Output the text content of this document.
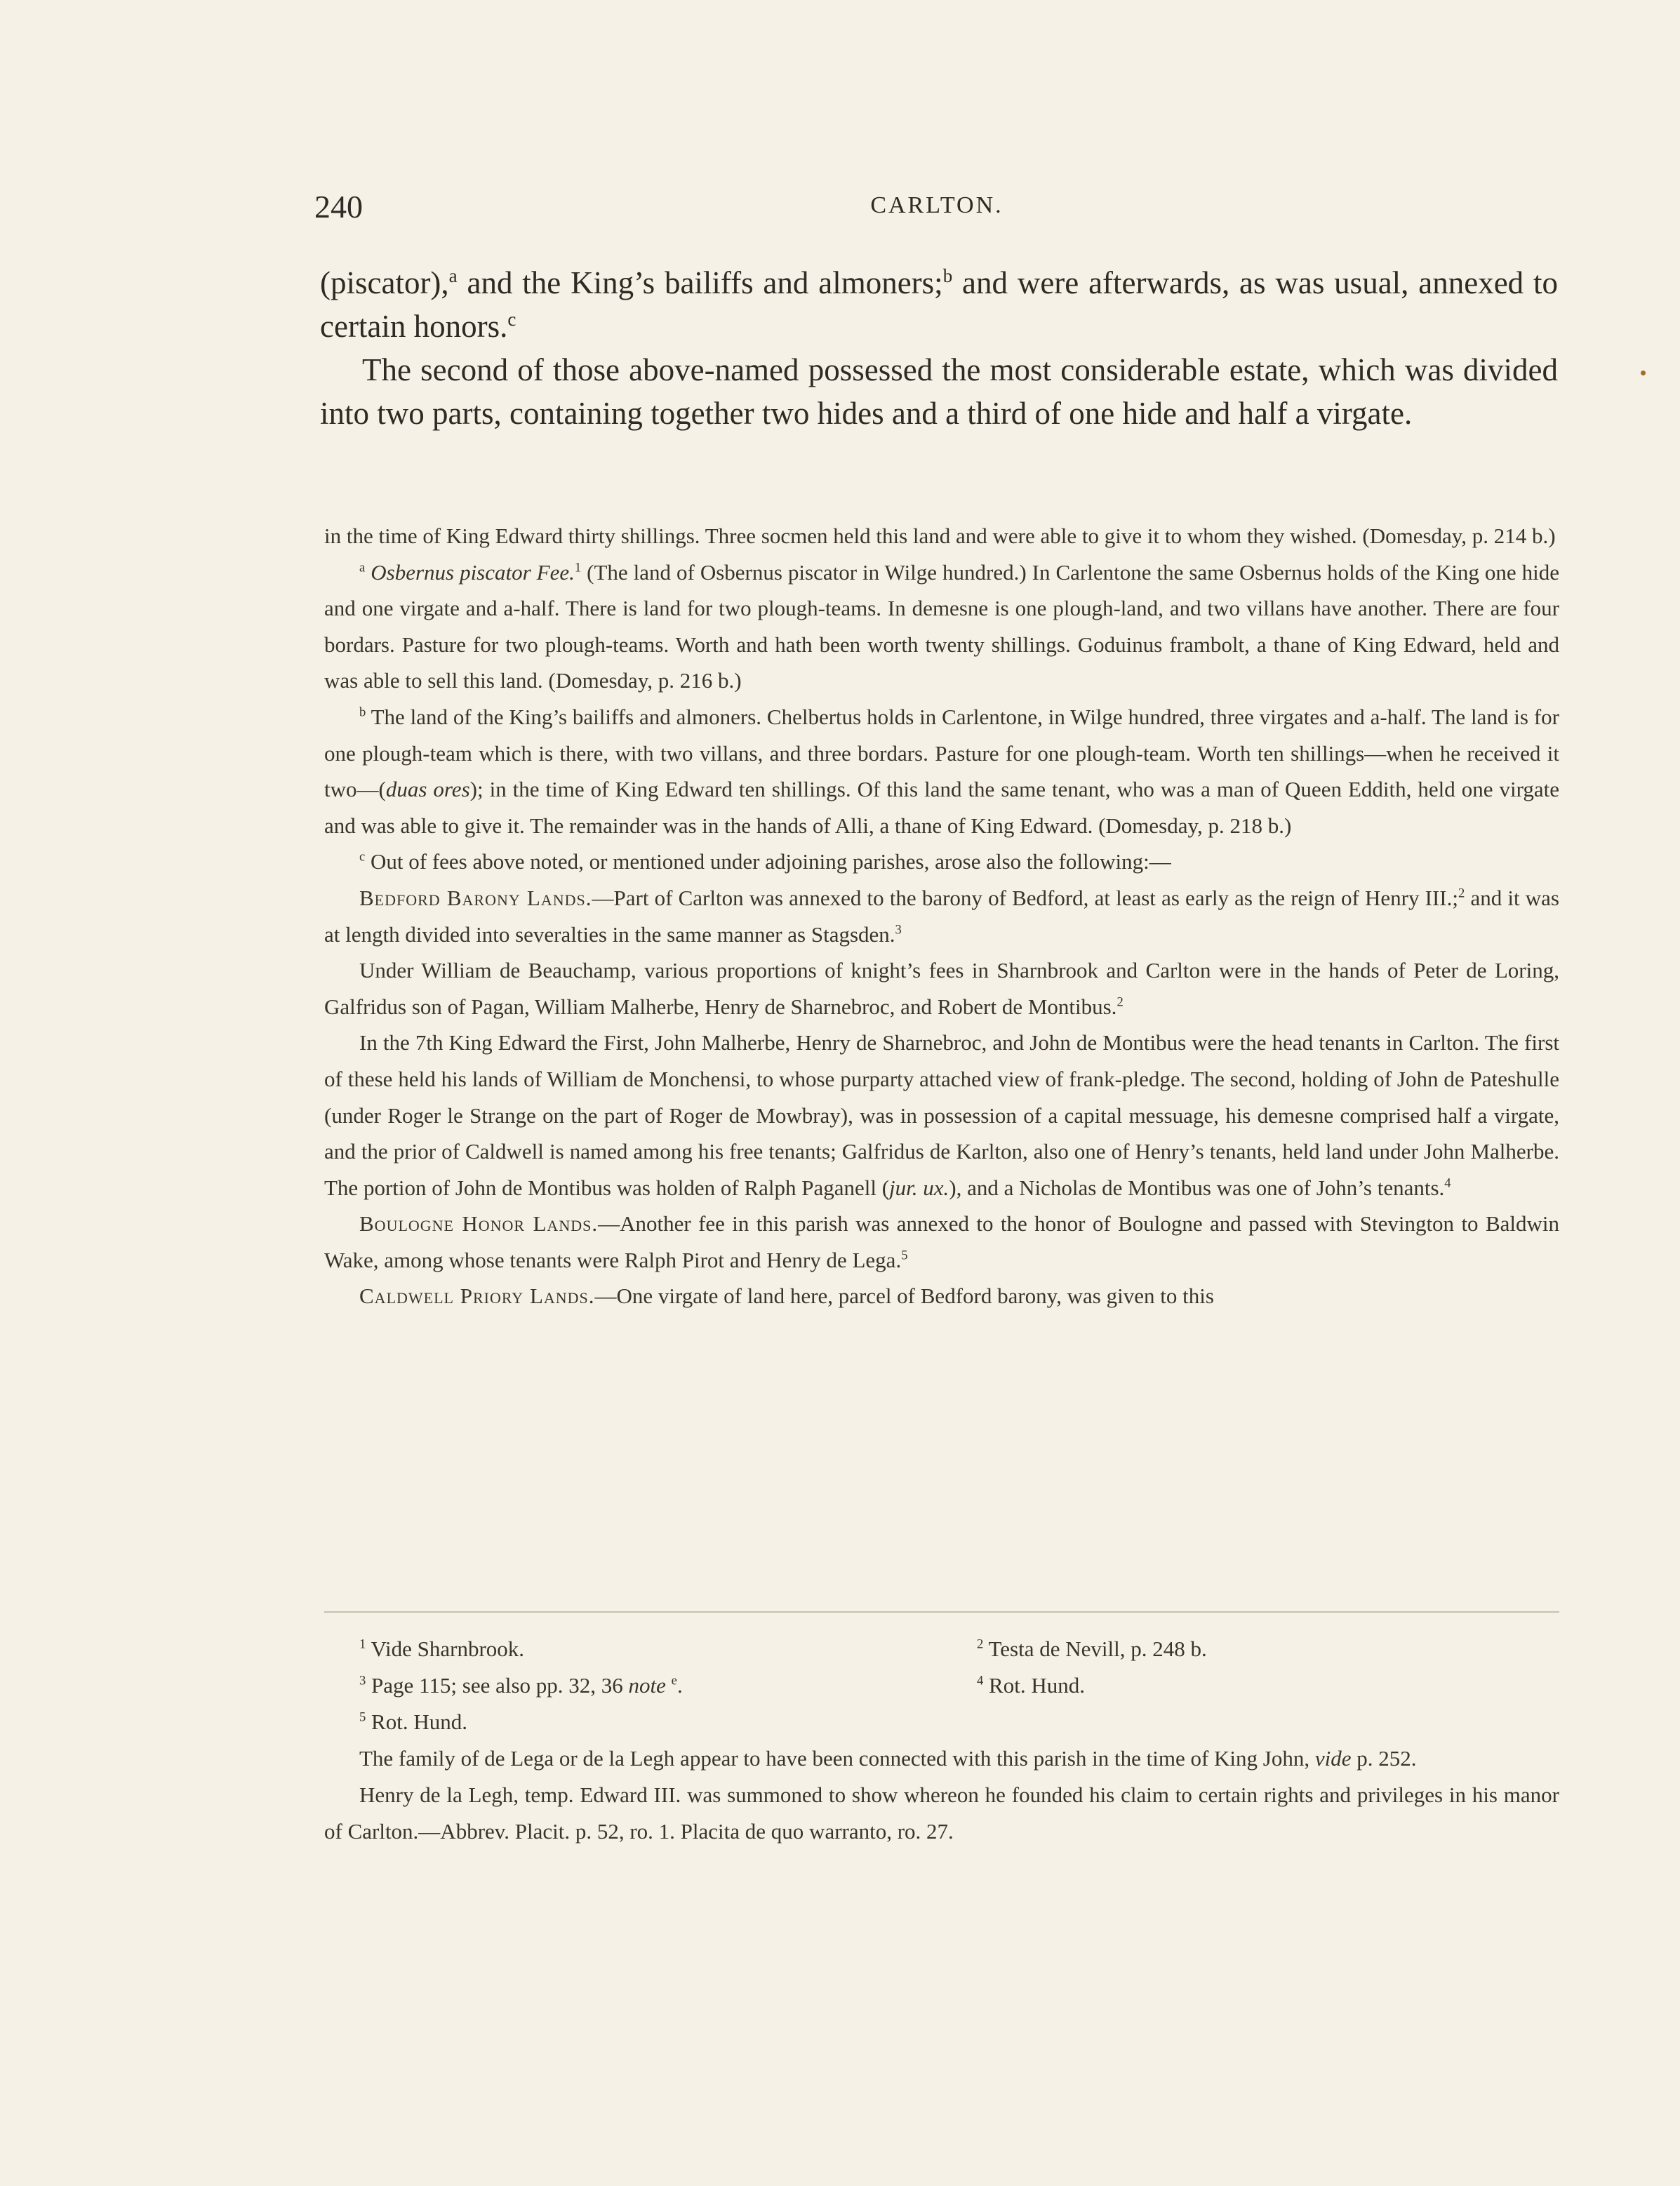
240	CARLTON.

(piscator),$^a$ and the King’s bailiffs and almoners;$^b$ and were afterwards, as was usual, annexed to certain honors.$^c$

The second of those above-named possessed the most considerable estate, which was divided into two parts, containing together two hides and a third of one hide and half a virgate.

in the time of King Edward thirty shillings. Three socmen held this land and were able to give it to whom they wished. (Domesday, p. 214 b.)

$^a$ Osbernus piscator Fee.$^1$ (The land of Osbernus piscator in Wilge hundred.) In Carlentone the same Osbernus holds of the King one hide and one virgate and a-half. There is land for two plough-teams. In demesne is one plough-land, and two villans have another. There are four bordars. Pasture for two plough-teams. Worth and hath been worth twenty shillings. Goduinus frambolt, a thane of King Edward, held and was able to sell this land. (Domesday, p. 216 b.)

$^b$ The land of the King’s bailiffs and almoners. Chelbertus holds in Carlentone, in Wilge hundred, three virgates and a-half. The land is for one plough-team which is there, with two villans, and three bordars. Pasture for one plough-team. Worth ten shillings—when he received it two—(duas ores); in the time of King Edward ten shillings. Of this land the same tenant, who was a man of Queen Eddith, held one virgate and was able to give it. The remainder was in the hands of Alli, a thane of King Edward. (Domesday, p. 218 b.)

$^c$ Out of fees above noted, or mentioned under adjoining parishes, arose also the following:—

Bedford Barony Lands.—Part of Carlton was annexed to the barony of Bedford, at least as early as the reign of Henry III.;$^2$ and it was at length divided into severalties in the same manner as Stagsden.$^3$

Under William de Beauchamp, various proportions of knight’s fees in Sharnbrook and Carlton were in the hands of Peter de Loring, Galfridus son of Pagan, William Malherbe, Henry de Sharnebroc, and Robert de Montibus.$^2$

In the 7th King Edward the First, John Malherbe, Henry de Sharnebroc, and John de Montibus were the head tenants in Carlton. The first of these held his lands of William de Monchensi, to whose purparty attached view of frank-pledge. The second, holding of John de Pateshulle (under Roger le Strange on the part of Roger de Mowbray), was in possession of a capital messuage, his demesne comprised half a virgate, and the prior of Caldwell is named among his free tenants; Galfridus de Karlton, also one of Henry’s tenants, held land under John Malherbe. The portion of John de Montibus was holden of Ralph Paganell (jur. ux.), and a Nicholas de Montibus was one of John’s tenants.$^4$

Boulogne Honor Lands.—Another fee in this parish was annexed to the honor of Boulogne and passed with Stevington to Baldwin Wake, among whose tenants were Ralph Pirot and Henry de Lega.$^5$

Caldwell Priory Lands.—One virgate of land here, parcel of Bedford barony, was given to this

$^1$ Vide Sharnbrook.	$^2$ Testa de Nevill, p. 248 b.
$^3$ Page 115; see also pp. 32, 36 note $^e$.	$^4$ Rot. Hund.
$^5$ Rot. Hund.

The family of de Lega or de la Legh appear to have been connected with this parish in the time of King John, vide p. 252.

Henry de la Legh, temp. Edward III. was summoned to show whereon he founded his claim to certain rights and privileges in his manor of Carlton.—Abbrev. Placit. p. 52, ro. 1. Placita de quo warranto, ro. 27.
